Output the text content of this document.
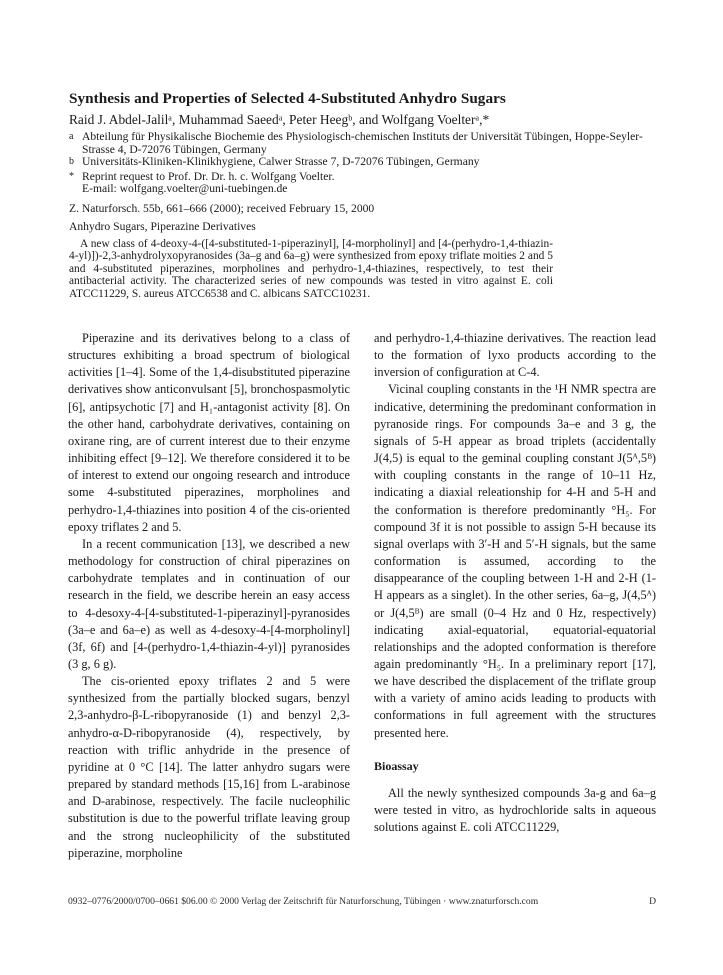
Synthesis and Properties of Selected 4-Substituted Anhydro Sugars
Raid J. Abdel-Jalilᵃ, Muhammad Saeedᵃ, Peter Heegᵇ, and Wolfgang Voelterᵃ,*
a Abteilung für Physikalische Biochemie des Physiologisch-chemischen Instituts der Universität Tübingen, Hoppe-Seyler-Strasse 4, D-72076 Tübingen, Germany
b Universitäts-Kliniken-Klinikhygiene, Calwer Strasse 7, D-72076 Tübingen, Germany
* Reprint request to Prof. Dr. Dr. h. c. Wolfgang Voelter.
E-mail: wolfgang.voelter@uni-tuebingen.de
Z. Naturforsch. 55b, 661–666 (2000); received February 15, 2000
Anhydro Sugars, Piperazine Derivatives
A new class of 4-deoxy-4-([4-substituted-1-piperazinyl], [4-morpholinyl] and [4-(perhydro-1,4-thiazin-4-yl)])-2,3-anhydrolyxopyranosides (3a–g and 6a–g) were synthesized from epoxy triflate moities 2 and 5 and 4-substituted piperazines, morpholines and perhydro-1,4-thiazines, respectively, to test their antibacterial activity. The characterized series of new compounds was tested in vitro against E. coli ATCC11229, S. aureus ATCC6538 and C. albicans SATCC10231.

Piperazine and its derivatives belong to a class of structures exhibiting a broad spectrum of biological activities [1–4]. Some of the 1,4-disubstituted piperazine derivatives show anticonvulsant [5], bronchospasmolytic [6], antipsychotic [7] and H₁-antagonist activity [8]. On the other hand, carbohydrate derivatives, containing on oxirane ring, are of current interest due to their enzyme inhibiting effect [9–12]. We therefore considered it to be of interest to extend our ongoing research and introduce some 4-substituted piperazines, morpholines and perhydro-1,4-thiazines into position 4 of the cis-oriented epoxy triflates 2 and 5.

In a recent communication [13], we described a new methodology for construction of chiral piperazines on carbohydrate templates and in continuation of our research in the field, we describe herein an easy access to 4-desoxy-4-[4-substituted-1-piperazinyl]-pyranosides (3a–e and 6a–e) as well as 4-desoxy-4-[4-morpholinyl] (3f, 6f) and [4-(perhydro-1,4-thiazin-4-yl)] pyranosides (3 g, 6 g).

The cis-oriented epoxy triflates 2 and 5 were synthesized from the partially blocked sugars, benzyl 2,3-anhydro-β-L-ribopyranoside (1) and benzyl 2,3-anhydro-α-D-ribopyranoside (4), respectively, by reaction with triflic anhydride in the presence of pyridine at 0 °C [14]. The latter anhydro sugars were prepared by standard methods [15,16] from L-arabinose and D-arabinose, respectively. The facile nucleophilic substitution is due to the powerful triflate leaving group and the strong nucleophilicity of the substituted piperazine, morpholine

and perhydro-1,4-thiazine derivatives. The reaction lead to the formation of lyxo products according to the inversion of configuration at C-4.

Vicinal coupling constants in the ¹H NMR spectra are indicative, determining the predominant conformation in pyranoside rings. For compounds 3a–e and 3 g, the signals of 5-H appear as broad triplets (accidentally J(4,5) is equal to the geminal coupling constant J(5ᴬ,5ᴮ) with coupling constants in the range of 10–11 Hz, indicating a diaxial releationship for 4-H and 5-H and the conformation is therefore predominantly °H₅. For compound 3f it is not possible to assign 5-H because its signal overlaps with 3′-H and 5′-H signals, but the same conformation is assumed, according to the disappearance of the coupling between 1-H and 2-H (1-H appears as a singlet). In the other series, 6a–g, J(4,5ᴬ) or J(4,5ᴮ) are small (0–4 Hz and 0 Hz, respectively) indicating axial-equatorial, equatorial-equatorial relationships and the adopted conformation is therefore again predominantly °H₅. In a preliminary report [17], we have described the displacement of the triflate group with a variety of amino acids leading to products with conformations in full agreement with the structures presented here.

Bioassay

All the newly synthesized compounds 3a-g and 6a–g were tested in vitro, as hydrochloride salts in aqueous solutions against E. coli ATCC11229,

0932–0776/2000/0700–0661 $06.00 © 2000 Verlag der Zeitschrift für Naturforschung, Tübingen · www.znaturforsch.com	D
